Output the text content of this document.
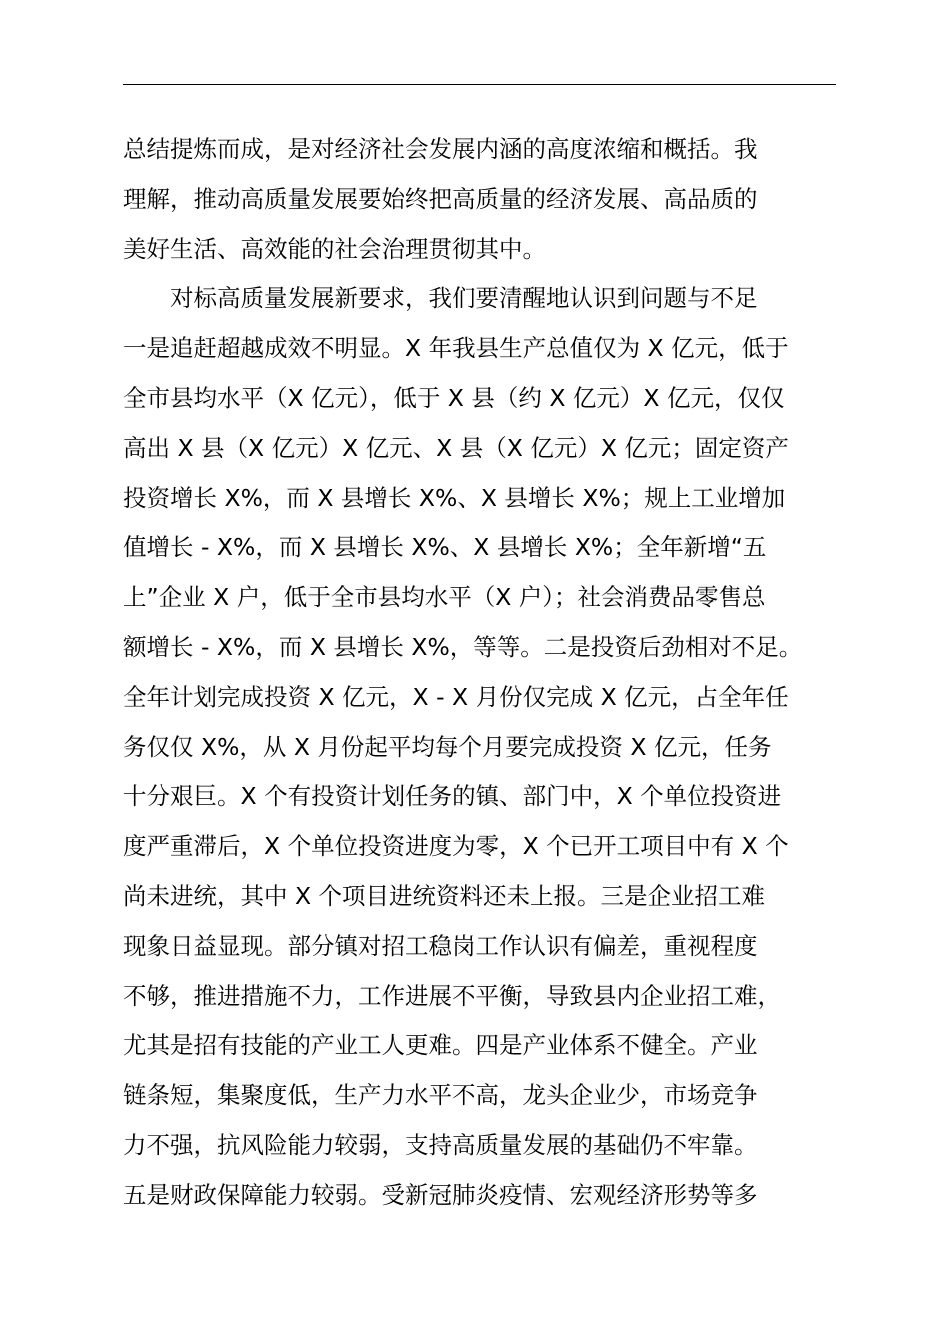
总结提炼而成，是对经济社会发展内涵的高度浓缩和概括。我
理解，推动高质量发展要始终把高质量的经济发展、高品质的
美好生活、高效能的社会治理贯彻其中。
　　对标高质量发展新要求，我们要清醒地认识到问题与不足
一是追赶超越成效不明显。X 年我县生产总值仅为 X 亿元，低于
全市县均水平（X 亿元），低于 X 县（约 X 亿元）X 亿元，仅仅
高出 X 县（X 亿元）X 亿元、X 县（X 亿元）X 亿元；固定资产
投资增长 X%，而 X 县增长 X%、X 县增长 X%；规上工业增加
值增长 - X%，而 X 县增长 X%、X 县增长 X%；全年新增“五
上”企业 X 户，低于全市县均水平（X 户）；社会消费品零售总
额增长 - X%，而 X 县增长 X%，等等。二是投资后劲相对不足。
全年计划完成投资 X 亿元，X - X 月份仅完成 X 亿元，占全年任
务仅仅 X%，从 X 月份起平均每个月要完成投资 X 亿元，任务
十分艰巨。X 个有投资计划任务的镇、部门中，X 个单位投资进
度严重滞后，X 个单位投资进度为零，X 个已开工项目中有 X 个
尚未进统，其中 X 个项目进统资料还未上报。三是企业招工难
现象日益显现。部分镇对招工稳岗工作认识有偏差，重视程度
不够，推进措施不力，工作进展不平衡，导致县内企业招工难，
尤其是招有技能的产业工人更难。四是产业体系不健全。产业
链条短，集聚度低，生产力水平不高，龙头企业少，市场竞争
力不强，抗风险能力较弱，支持高质量发展的基础仍不牢靠。
五是财政保障能力较弱。受新冠肺炎疫情、宏观经济形势等多
